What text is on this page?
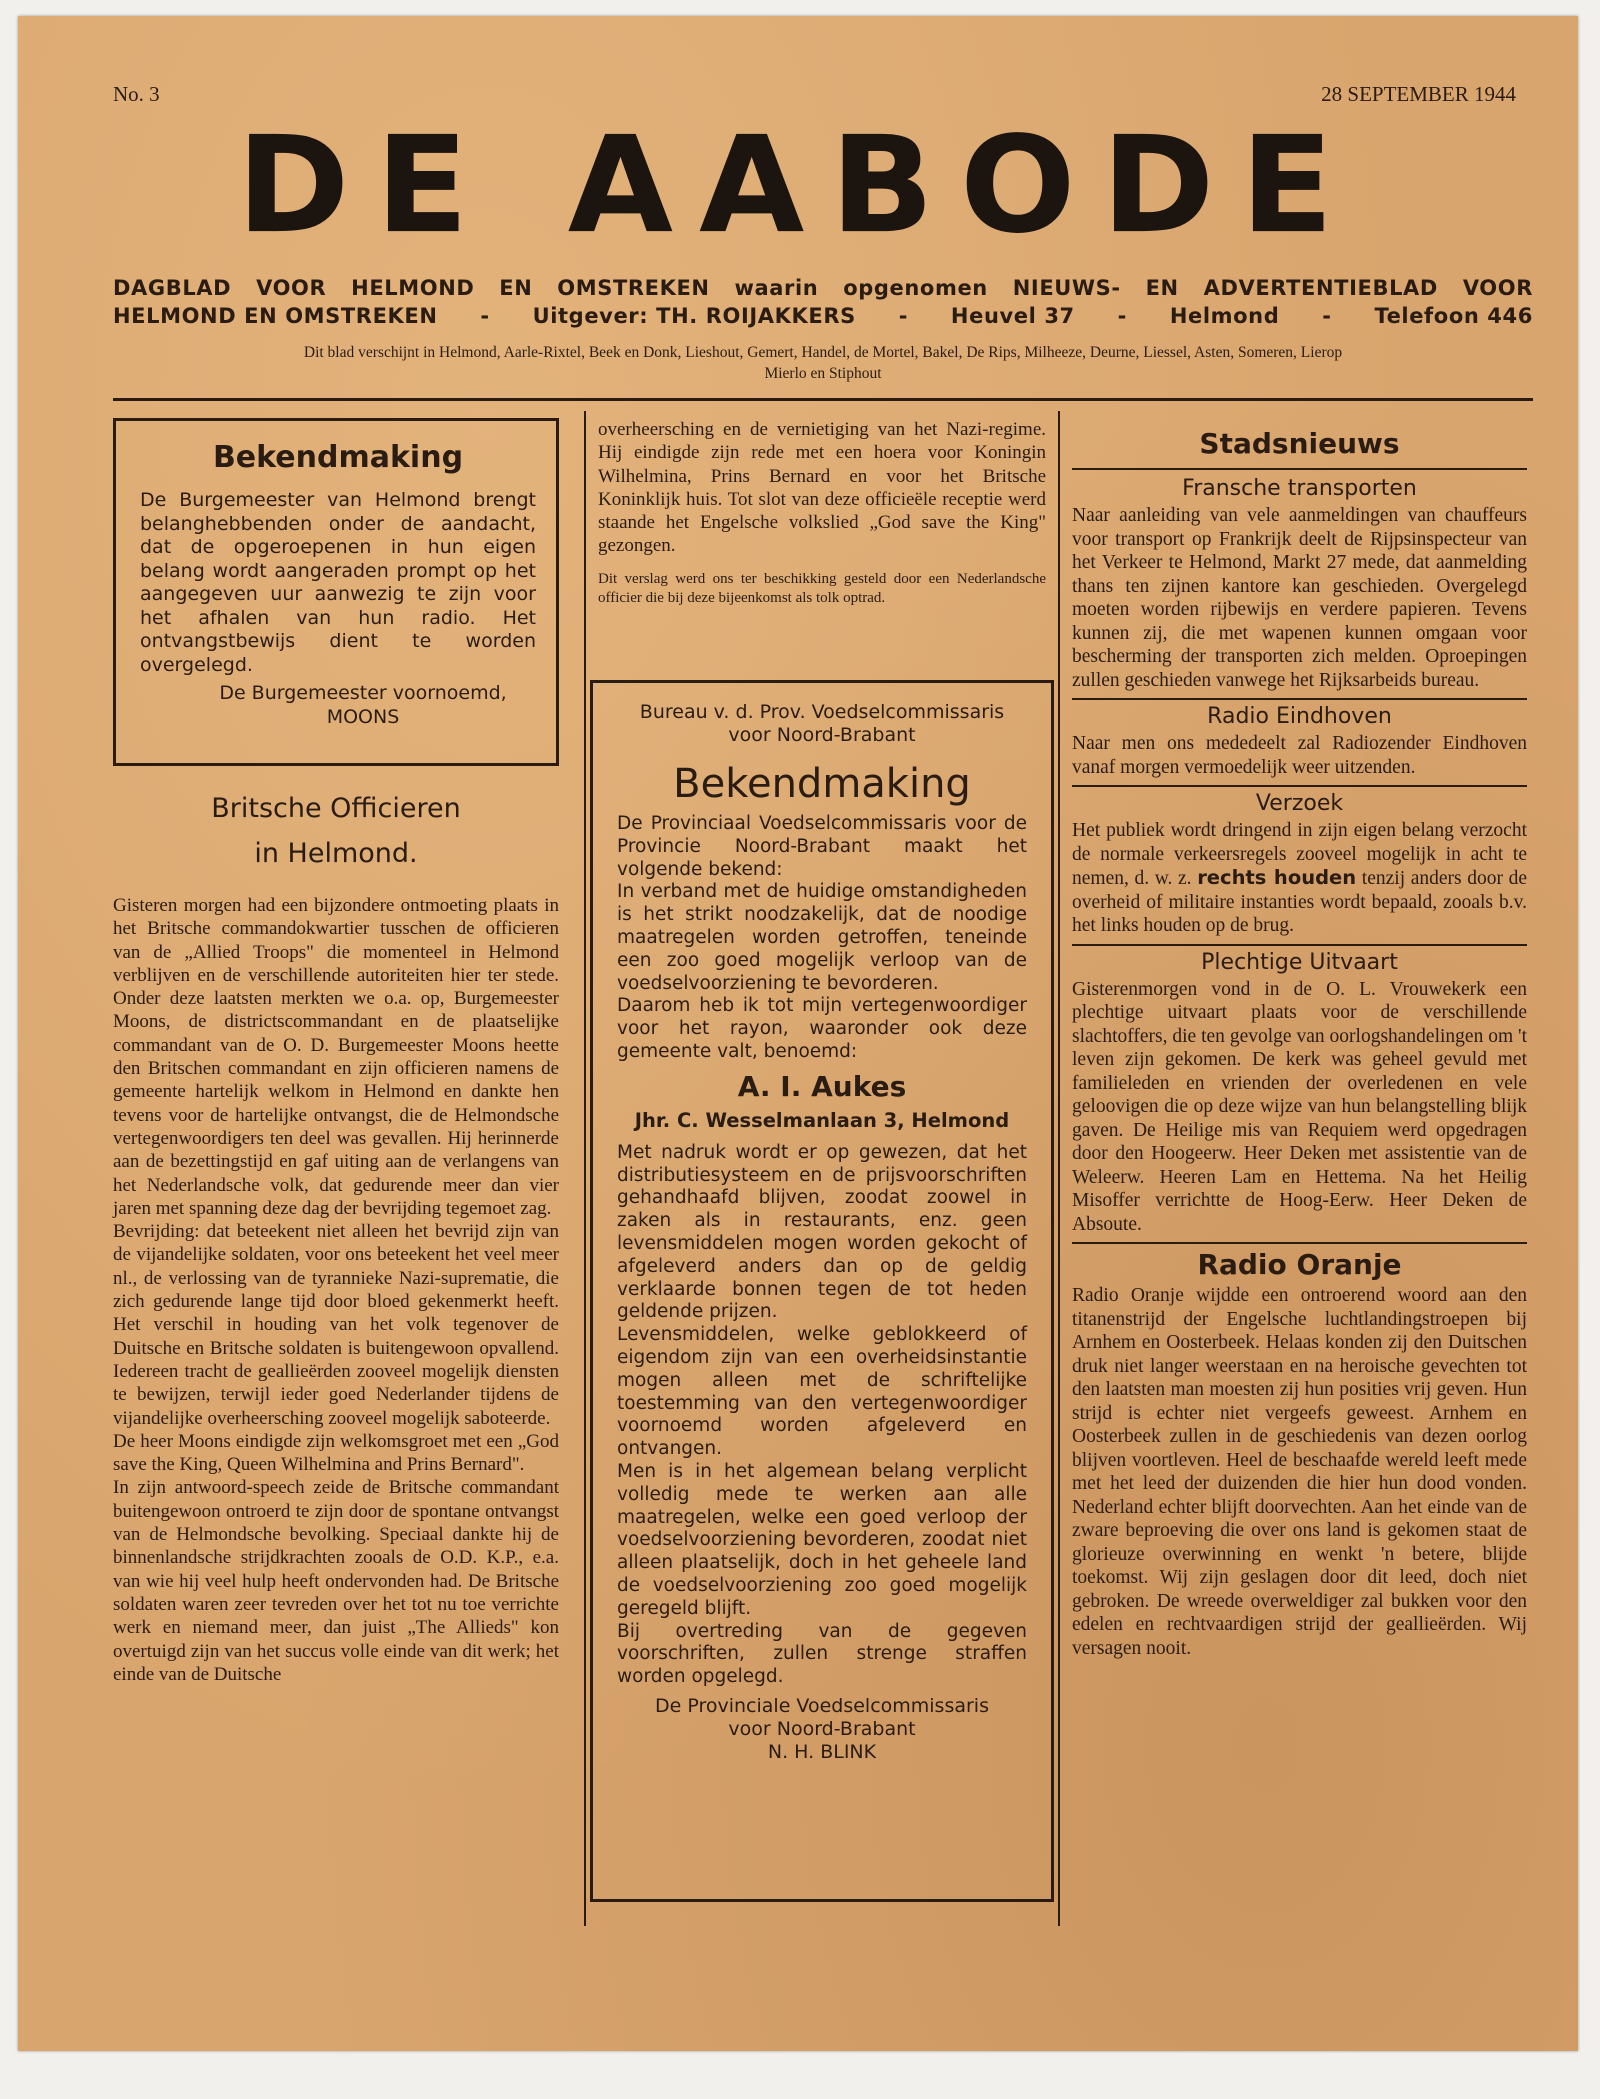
No. 3	28 SEPTEMBER 1944
DE AABODE
DAGBLAD VOOR HELMOND EN OMSTREKEN waarin opgenomen NIEUWS- EN ADVERTENTIEBLAD VOOR
HELMOND EN OMSTREKEN - Uitgever: TH. ROIJAKKERS - Heuvel 37 - Helmond - Telefoon 446
Dit blad verschijnt in Helmond, Aarle-Rixtel, Beek en Donk, Lieshout, Gemert, Handel, de Mortel, Bakel, De Rips, Milheeze, Deurne, Liessel, Asten, Someren, Lierop
Mierlo en Stiphout
Bekendmaking
De Burgemeester van Helmond brengt belanghebbenden onder de aandacht, dat de opgeroepenen in hun eigen belang wordt aangeraden prompt op het aangegeven uur aanwezig te zijn voor het afhalen van hun radio. Het ontvangstbewijs dient te worden overgelegd.
De Burgemeester voornoemd,
MOONS
Britsche Officieren
in Helmond.

Gisteren morgen had een bijzondere ontmoeting plaats in het Britsche commandokwartier tusschen de officieren van de „Allied Troops" die momenteel in Helmond verblijven en de verschillende autoriteiten hier ter stede. Onder deze laatsten merkten we o.a. op, Burgemeester Moons, de districtscommandant en de plaatselijke commandant van de O. D. Burgemeester Moons heette den Britschen commandant en zijn officieren namens de gemeente hartelijk welkom in Helmond en dankte hen tevens voor de hartelijke ontvangst, die de Helmondsche vertegenwoordigers ten deel was gevallen. Hij herinnerde aan de bezettingstijd en gaf uiting aan de verlangens van het Nederlandsche volk, dat gedurende meer dan vier jaren met spanning deze dag der bevrijding tegemoet zag.

Bevrijding: dat beteekent niet alleen het bevrijd zijn van de vijandelijke soldaten, voor ons beteekent het veel meer nl., de verlossing van de tyrannieke Nazi-suprematie, die zich gedurende lange tijd door bloed gekenmerkt heeft. Het verschil in houding van het volk tegenover de Duitsche en Britsche soldaten is buitengewoon opvallend. Iedereen tracht de geallieërden zooveel mogelijk diensten te bewijzen, terwijl ieder goed Nederlander tijdens de vijandelijke overheersching zooveel mogelijk saboteerde.

De heer Moons eindigde zijn welkomsgroet met een „God save the King, Queen Wilhelmina and Prins Bernard".

In zijn antwoord-speech zeide de Britsche commandant buitengewoon ontroerd te zijn door de spontane ontvangst van de Helmondsche bevolking. Speciaal dankte hij de binnenlandsche strijdkrachten zooals de O.D. K.P., e.a. van wie hij veel hulp heeft ondervonden had. De Britsche soldaten waren zeer tevreden over het tot nu toe verrichte werk en niemand meer, dan juist „The Allieds" kon overtuigd zijn van het succus volle einde van dit werk; het einde van de Duitsche

overheersching en de vernietiging van het Nazi-regime. Hij eindigde zijn rede met een hoera voor Koningin Wilhelmina, Prins Bernard en voor het Britsche Koninklijk huis. Tot slot van deze officieële receptie werd staande het Engelsche volkslied „God save the King" gezongen.
Dit verslag werd ons ter beschikking gesteld door een Nederlandsche officier die bij deze bijeenkomst als tolk optrad.
Bureau v. d. Prov. Voedselcommissaris
voor Noord-Brabant
Bekendmaking
De Provinciaal Voedselcommissaris voor de Provincie Noord-Brabant maakt het volgende bekend:
In verband met de huidige omstandigheden is het strikt noodzakelijk, dat de noodige maatregelen worden getroffen, teneinde een zoo goed mogelijk verloop van de voedselvoorziening te bevorderen.
Daarom heb ik tot mijn vertegenwoordiger voor het rayon, waaronder ook deze gemeente valt, benoemd:
A. I. Aukes
Jhr. C. Wesselmanlaan 3, Helmond
Met nadruk wordt er op gewezen, dat het distributiesysteem en de prijsvoorschriften gehandhaafd blijven, zoodat zoowel in zaken als in restaurants, enz. geen levensmiddelen mogen worden gekocht of afgeleverd anders dan op de geldig verklaarde bonnen tegen de tot heden geldende prijzen.
Levensmiddelen, welke geblokkeerd of eigendom zijn van een overheidsinstantie mogen alleen met de schriftelijke toestemming van den vertegenwoordiger voornoemd worden afgeleverd en ontvangen.
Men is in het algemean belang verplicht volledig mede te werken aan alle maatregelen, welke een goed verloop der voedselvoorziening bevorderen, zoodat niet alleen plaatselijk, doch in het geheele land de voedselvoorziening zoo goed mogelijk geregeld blijft.
Bij overtreding van de gegeven voorschriften, zullen strenge straffen worden opgelegd.
De Provinciale Voedselcommissaris
voor Noord-Brabant
N. H. BLINK
Stadsnieuws
Fransche transporten
Naar aanleiding van vele aanmeldingen van chauffeurs voor transport op Frankrijk deelt de Rijpsinspecteur van het Verkeer te Helmond, Markt 27 mede, dat aanmelding thans ten zijnen kantore kan geschieden. Overgelegd moeten worden rijbewijs en verdere papieren. Tevens kunnen zij, die met wapenen kunnen omgaan voor bescherming der transporten zich melden. Oproepingen zullen geschieden vanwege het Rijksarbeids bureau.
Radio Eindhoven
Naar men ons mededeelt zal Radiozender Eindhoven vanaf morgen vermoedelijk weer uitzenden.
Verzoek
Het publiek wordt dringend in zijn eigen belang verzocht de normale verkeersregels zooveel mogelijk in acht te nemen, d. w. z. rechts houden tenzij anders door de overheid of militaire instanties wordt bepaald, zooals b.v. het links houden op de brug.
Plechtige Uitvaart
Gisterenmorgen vond in de O. L. Vrouwekerk een plechtige uitvaart plaats voor de verschillende slachtoffers, die ten gevolge van oorlogshandelingen om 't leven zijn gekomen. De kerk was geheel gevuld met familieleden en vrienden der overledenen en vele geloovigen die op deze wijze van hun belangstelling blijk gaven. De Heilige mis van Requiem werd opgedragen door den Hoogeerw. Heer Deken met assistentie van de Weleerw. Heeren Lam en Hettema. Na het Heilig Misoffer verrichtte de Hoog-Eerw. Heer Deken de Absoute.
Radio Oranje
Radio Oranje wijdde een ontroerend woord aan den titanenstrijd der Engelsche luchtlandingstroepen bij Arnhem en Oosterbeek. Helaas konden zij den Duitschen druk niet langer weerstaan en na heroische gevechten tot den laatsten man moesten zij hun posities vrij geven. Hun strijd is echter niet vergeefs geweest. Arnhem en Oosterbeek zullen in de geschiedenis van dezen oorlog blijven voortleven. Heel de beschaafde wereld leeft mede met het leed der duizenden die hier hun dood vonden. Nederland echter blijft doorvechten. Aan het einde van de zware beproeving die over ons land is gekomen staat de glorieuze overwinning en wenkt 'n betere, blijde toekomst. Wij zijn geslagen door dit leed, doch niet gebroken. De wreede overweldiger zal bukken voor den edelen en rechtvaardigen strijd der geallieërden. Wij versagen nooit.
